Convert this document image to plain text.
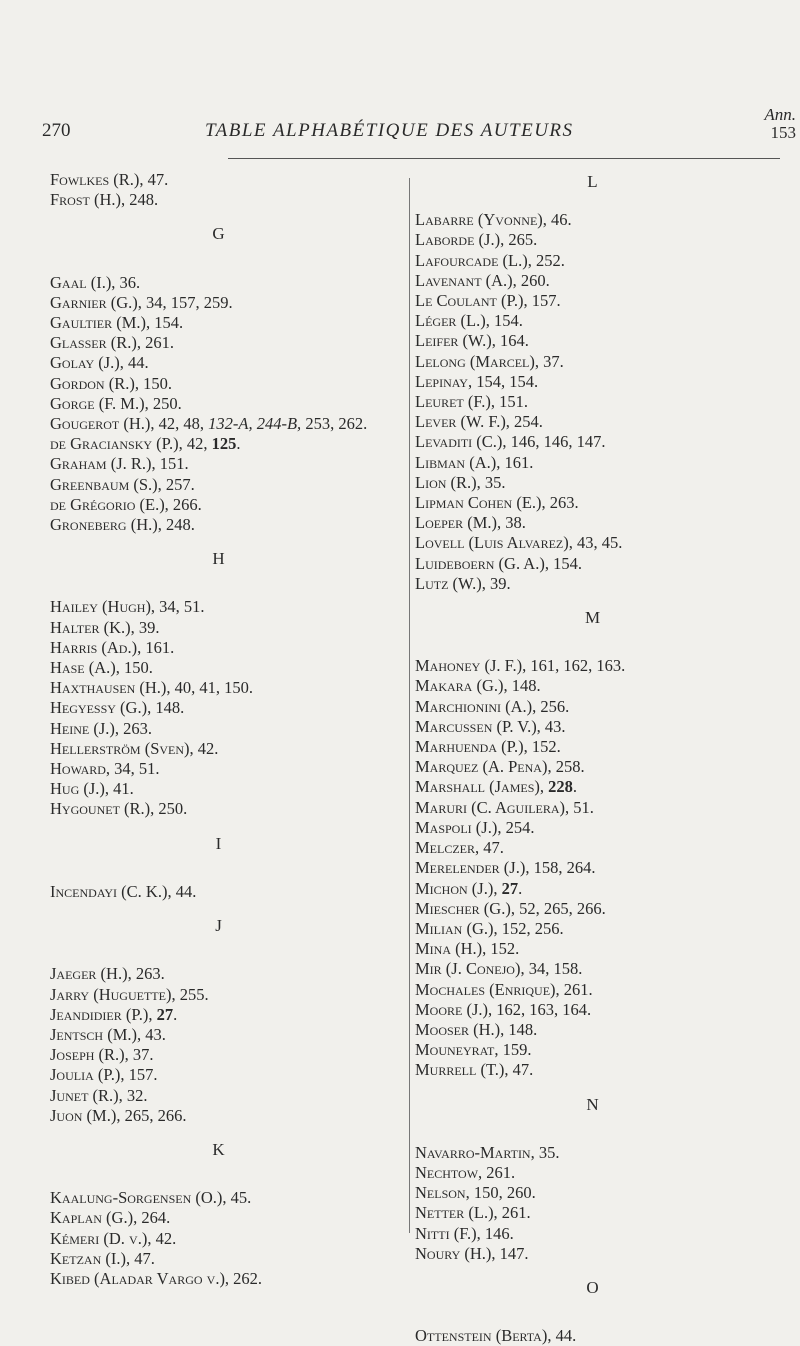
270	TABLE ALPHABÉTIQUE DES AUTEURS
Ann.
153
Fowlkes (R.), 47.
Frost (H.), 248.
G
Gaal (I.), 36.
Garnier (G.), 34, 157, 259.
Gaultier (M.), 154.
Glasser (R.), 261.
Golay (J.), 44.
Gordon (R.), 150.
Gorge (F. M.), 250.
Gougerot (H.), 42, 48, 132-A, 244-B, 253, 262.
de Graciansky (P.), 42, 125.
Graham (J. R.), 151.
Greenbaum (S.), 257.
de Grégorio (E.), 266.
Groneberg (H.), 248.
H
Hailey (Hugh), 34, 51.
Halter (K.), 39.
Harris (Ad.), 161.
Hase (A.), 150.
Haxthausen (H.), 40, 41, 150.
Hegyessy (G.), 148.
Heine (J.), 263.
Hellerström (Sven), 42.
Howard, 34, 51.
Hug (J.), 41.
Hygounet (R.), 250.
I
Incendayi (C. K.), 44.
J
Jaeger (H.), 263.
Jarry (Huguette), 255.
Jeandidier (P.), 27.
Jentsch (M.), 43.
Joseph (R.), 37.
Joulia (P.), 157.
Junet (R.), 32.
Juon (M.), 265, 266.
K
Kaalung-Sorgensen (O.), 45.
Kaplan (G.), 264.
Kémeri (D. v.), 42.
Ketzan (I.), 47.
Kibed (Aladar Vargo v.), 262.
L
Labarre (Yvonne), 46.
Laborde (J.), 265.
Lafourcade (L.), 252.
Lavenant (A.), 260.
Le Coulant (P.), 157.
Léger (L.), 154.
Leifer (W.), 164.
Lelong (Marcel), 37.
Lepinay, 154, 154.
Leuret (F.), 151.
Lever (W. F.), 254.
Levaditi (C.), 146, 146, 147.
Libman (A.), 161.
Lion (R.), 35.
Lipman Cohen (E.), 263.
Loeper (M.), 38.
Lovell (Luis Alvarez), 43, 45.
Luideboern (G. A.), 154.
Lutz (W.), 39.
M
Mahoney (J. F.), 161, 162, 163.
Makara (G.), 148.
Marchionini (A.), 256.
Marcussen (P. V.), 43.
Marhuenda (P.), 152.
Marquez (A. Pena), 258.
Marshall (James), 228.
Maruri (C. Aguilera), 51.
Maspoli (J.), 254.
Melczer, 47.
Merelender (J.), 158, 264.
Michon (J.), 27.
Miescher (G.), 52, 265, 266.
Milian (G.), 152, 256.
Mina (H.), 152.
Mir (J. Conejo), 34, 158.
Mochales (Enrique), 261.
Moore (J.), 162, 163, 164.
Mooser (H.), 148.
Mouneyrat, 159.
Murrell (T.), 47.
N
Navarro-Martin, 35.
Nechtow, 261.
Nelson, 150, 260.
Netter (L.), 261.
Nitti (F.), 146.
Noury (H.), 147.
O
Ottenstein (Berta), 44.
